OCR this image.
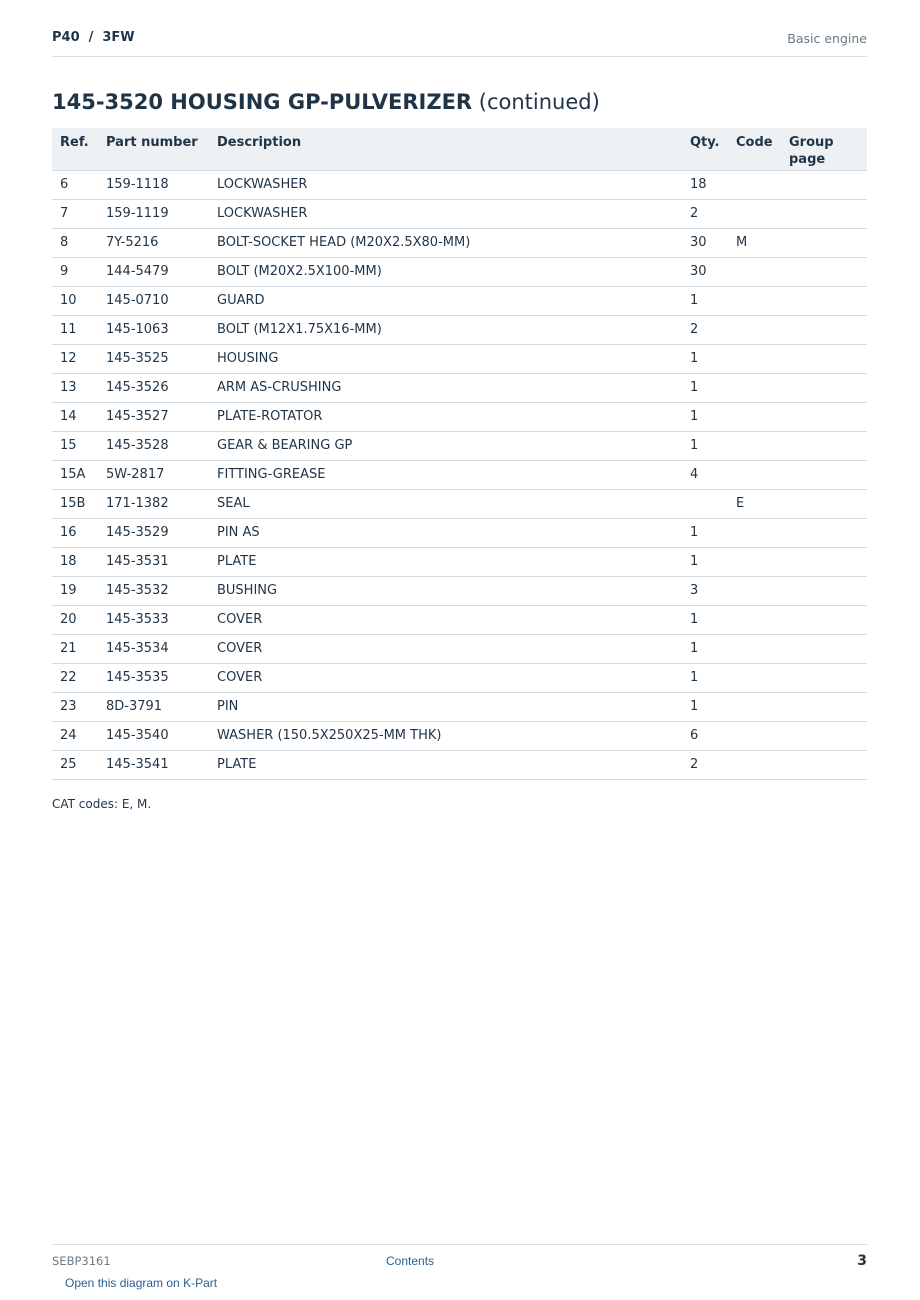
P40 / 3FW	Basic engine
145-3520 HOUSING GP-PULVERIZER (continued)
Ref.	Part number	Description	Qty.	Code	Group page
6	159-1118	LOCKWASHER	18		
7	159-1119	LOCKWASHER	2		
8	7Y-5216	BOLT-SOCKET HEAD (M20X2.5X80-MM)	30	M	
9	144-5479	BOLT (M20X2.5X100-MM)	30		
10	145-0710	GUARD	1		
11	145-1063	BOLT (M12X1.75X16-MM)	2		
12	145-3525	HOUSING	1		
13	145-3526	ARM AS-CRUSHING	1		
14	145-3527	PLATE-ROTATOR	1		
15	145-3528	GEAR & BEARING GP	1		
15A	5W-2817	FITTING-GREASE	4		
15B	171-1382	SEAL		E	
16	145-3529	PIN AS	1		
18	145-3531	PLATE	1		
19	145-3532	BUSHING	3		
20	145-3533	COVER	1		
21	145-3534	COVER	1		
22	145-3535	COVER	1		
23	8D-3791	PIN	1		
24	145-3540	WASHER (150.5X250X25-MM THK)	6		
25	145-3541	PLATE	2		
CAT codes: E, M.
SEBP3161	Contents	3
Open this diagram on K-Part
